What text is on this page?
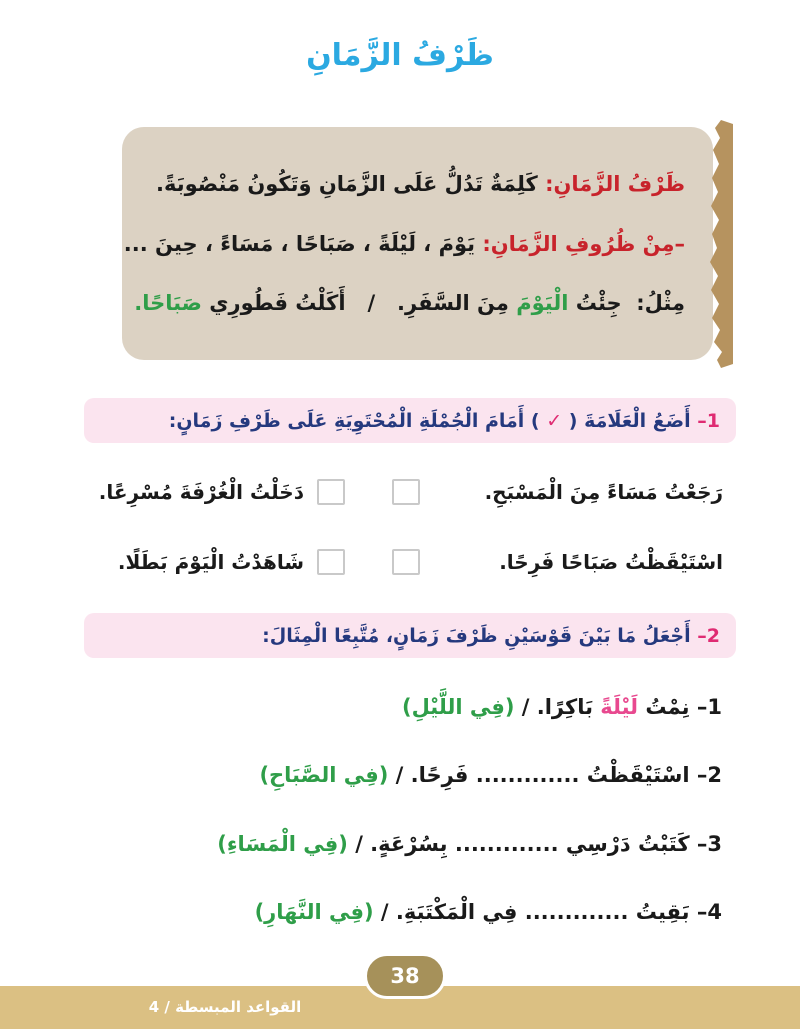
ظَرْفُ الزَّمَانِ
ظَرْفُ الزَّمَانِ: كَلِمَةٌ تَدُلُّ عَلَى الزَّمَانِ وَتَكُونُ مَنْصُوبَةً.
–مِنْ ظُرُوفِ الزَّمَانِ: يَوْمَ ، لَيْلَةً ، صَبَاحًا ، مَسَاءً ، حِينَ ...
مِثْلُ:  جِئْتُ الْيَوْمَ مِنَ السَّفَرِ.   /   أَكَلْتُ فَطُورِي صَبَاحًا.
1–

أَضَعُ الْعَلَامَةَ (

✓

) أَمَامَ الْجُمْلَةِ الْمُحْتَوِيَةِ عَلَى ظَرْفِ زَمَانٍ:
رَجَعْتُ مَسَاءً مِنَ الْمَسْبَحِ.
دَخَلْتُ الْغُرْفَةَ مُسْرِعًا.
اسْتَيْقَظْتُ صَبَاحًا فَرِحًا.
شَاهَدْتُ الْيَوْمَ بَطَلًا.
2–

أَجْعَلُ مَا بَيْنَ قَوْسَيْنِ ظَرْفَ زَمَانٍ، مُتَّبِعًا الْمِثَالَ:
1– نِمْتُ لَيْلَةً بَاكِرًا. / (فِي اللَّيْلِ)
2– اسْتَيْقَظْتُ ............. فَرِحًا. / (فِي الصَّبَاحِ)
3– كَتَبْتُ دَرْسِي ............. بِسُرْعَةٍ. / (فِي الْمَسَاءِ)
4– بَقِيتُ ............. فِي الْمَكْتَبَةِ. / (فِي النَّهَارِ)
38
القواعد المبسطة / 4
